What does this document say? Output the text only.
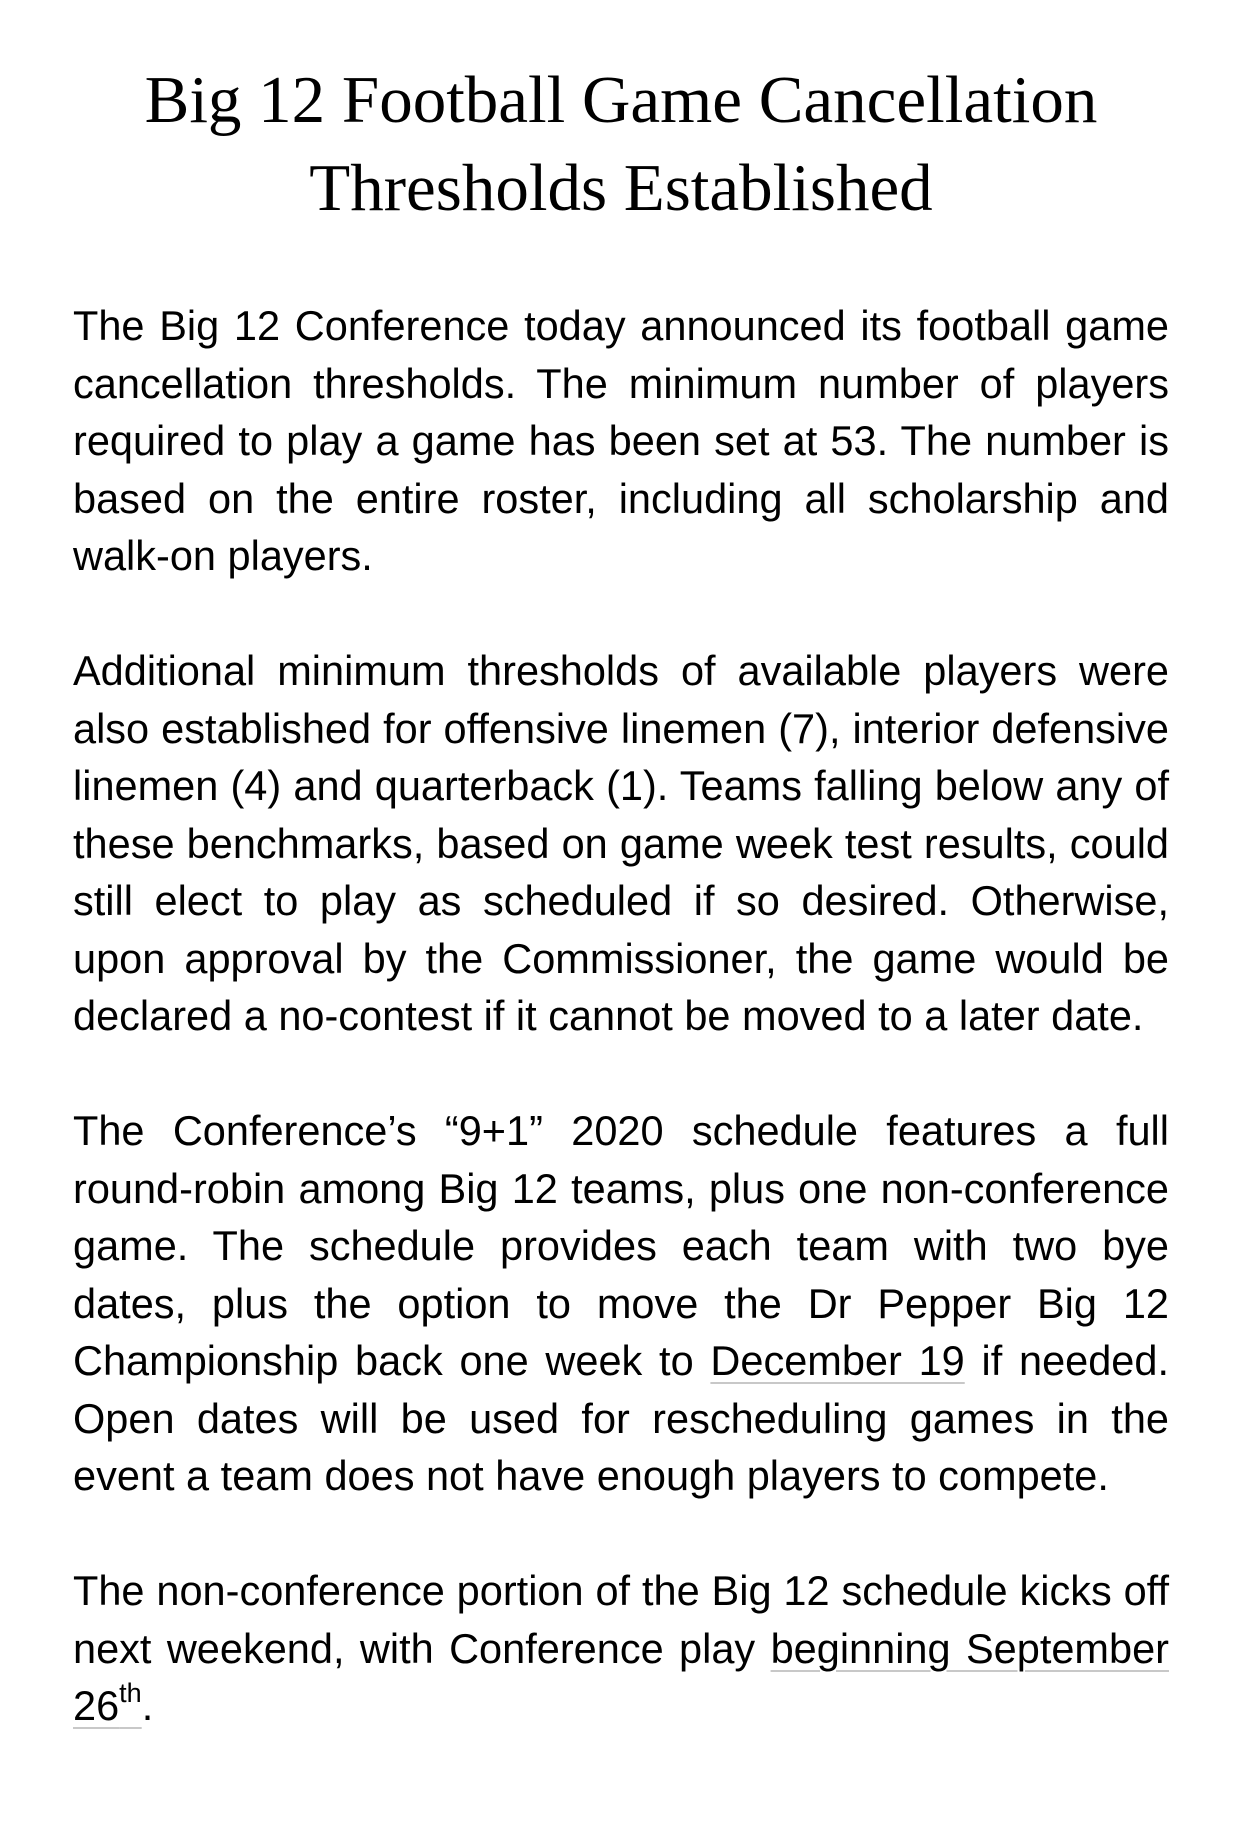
Big 12 Football Game Cancellation Thresholds Established

The Big 12 Conference today announced its football game cancellation thresholds. The minimum number of players required to play a game has been set at 53. The number is based on the entire roster, including all scholarship and walk-on players.

Additional minimum thresholds of available players were also established for offensive linemen (7), interior defensive linemen (4) and quarterback (1). Teams falling below any of these benchmarks, based on game week test results, could still elect to play as scheduled if so desired. Otherwise, upon approval by the Commissioner, the game would be declared a no-contest if it cannot be moved to a later date.

The Conference’s “9+1” 2020 schedule features a full round-robin among Big 12 teams, plus one non-conference game. The schedule provides each team with two bye dates, plus the option to move the Dr Pepper Big 12 Championship back one week to December 19 if needed. Open dates will be used for rescheduling games in the event a team does not have enough players to compete.

The non-conference portion of the Big 12 schedule kicks off next weekend, with Conference play beginning September 26th.
